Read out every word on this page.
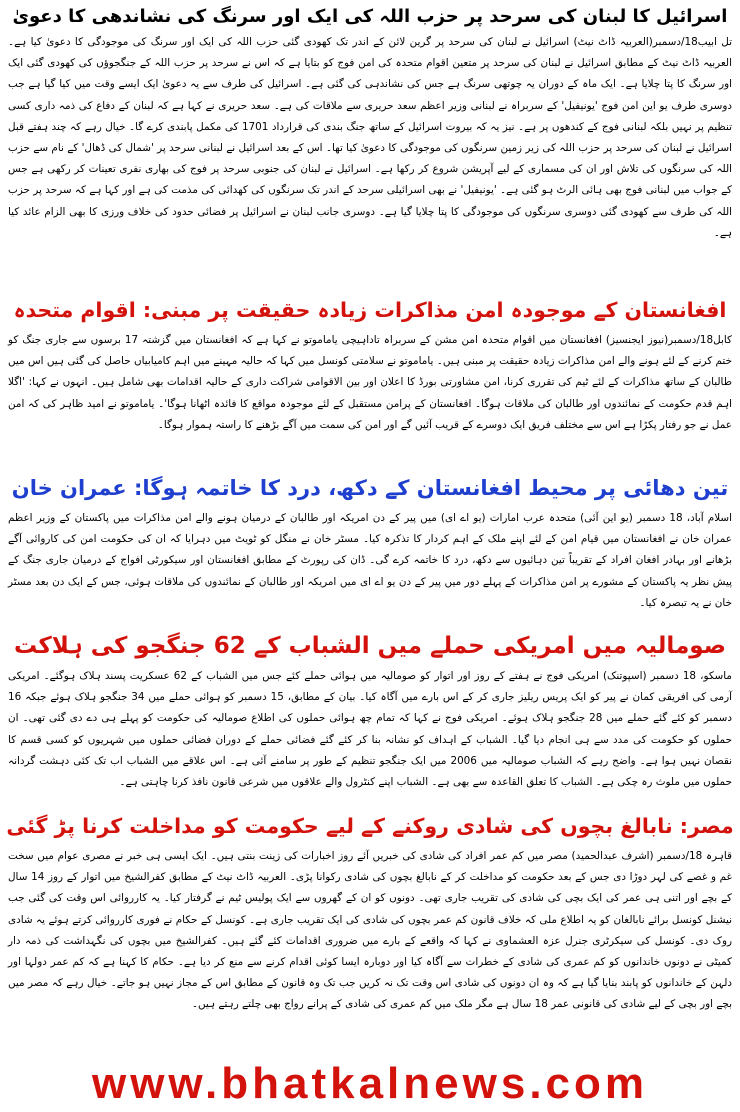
اسرائیل کا لبنان کی سرحد پر حزب اللہ کی ایک اور سرنگ کی نشاندھی کا دعویٰ

تل ابیب18/دسمبر(العربیہ ڈاٹ نیٹ) اسرائیل نے لبنان کی سرحد پر گرین لائن کے اندر تک کھودی گئی حزب اللہ کی ایک اور سرنگ کی موجودگی کا دعویٰ کیا ہے۔ العربیہ ڈاٹ نیٹ کے مطابق اسرائیل نے لبنان کی سرحد پر متعین اقوام متحدہ کی امن فوج کو بتایا ہے کہ اس نے سرحد پر حزب اللہ کے جنگجوؤں کی کھودی گئی ایک اور سرنگ کا پتا چلایا ہے۔ ایک ماہ کے دوران یہ چوتھی سرنگ ہے جس کی نشاندہی کی گئی ہے۔ اسرائیل کی طرف سے یہ دعویٰ ایک ایسے وقت میں کیا گیا ہے جب دوسری طرف یو این امن فوج 'یونیفیل' کے سربراہ نے لبنانی وزیر اعظم سعد حریری سے ملاقات کی ہے۔ سعد حریری نے کہا ہے کہ لبنان کے دفاع کی ذمہ داری کسی تنظیم پر نہیں بلکہ لبنانی فوج کے کندھوں پر ہے۔ نیز یہ کہ بیروت اسرائیل کے ساتھ جنگ بندی کی قرارداد 1701 کی مکمل پابندی کرے گا۔ خیال رہے کہ چند ہفتے قبل اسرائیل نے لبنان کی سرحد پر حزب اللہ کی زیر زمین سرنگوں کی موجودگی کا دعویٰ کیا تھا۔ اس کے بعد اسرائیل نے لبنانی سرحد پر 'شمال کی ڈھال' کے نام سے حزب اللہ کی سرنگوں کی تلاش اور ان کی مسماری کے لیے آپریشن شروع کر رکھا ہے۔ اسرائیل نے لبنان کی جنوبی سرحد پر فوج کی بھاری نفری تعینات کر رکھی ہے جس کے جواب میں لبنانی فوج بھی ہائی الرٹ ہو گئی ہے۔ 'یونیفیل' نے بھی اسرائیلی سرحد کے اندر تک سرنگوں کی کھدائی کی مذمت کی ہے اور کہا ہے کہ سرحد پر حزب اللہ کی طرف سے کھودی گئی دوسری سرنگوں کی موجودگی کا پتا چلایا گیا ہے۔ دوسری جانب لبنان نے اسرائیل پر فضائی حدود کی خلاف ورزی کا بھی الزام عائد کیا ہے۔

افغانستان کے موجودہ امن مذاکرات زیادہ حقیقت پر مبنی: اقوام متحدہ

کابل18/دسمبر(نیوز ایجنسیز) افغانستان میں اقوام متحدہ امن مشن کے سربراہ تاداہیچی یاماموتو نے کہا ہے کہ افغانستان میں گزشتہ 17 برسوں سے جاری جنگ کو ختم کرنے کے لئے ہونے والے امن مذاکرات زیادہ حقیقت پر مبنی ہیں۔ یاماموتو نے سلامتی کونسل میں کہا کہ حالیہ مہینے میں اہم کامیابیاں حاصل کی گئی ہیں اس میں طالبان کے ساتھ مذاکرات کے لئے ٹیم کی تقرری کرنا، امن مشاورتی بورڈ کا اعلان اور بین الاقوامی شراکت داری کے حالیہ اقدامات بھی شامل ہیں۔ انہوں نے کہا: 'اگلا اہم قدم حکومت کے نمائندوں اور طالبان کی ملاقات ہوگا۔ افغانستان کے پرامن مستقبل کے لئے موجودہ مواقع کا فائدہ اٹھانا ہوگا'۔ یاماموتو نے امید ظاہر کی کہ امن عمل نے جو رفتار پکڑا ہے اس سے مختلف فریق ایک دوسرے کے قریب آئیں گے اور امن کی سمت میں آگے بڑھنے کا راستہ ہموار ہوگا۔

تین دھائی پر محیط افغانستان کے دکھ، درد کا خاتمہ ہوگا: عمران خان

اسلام آباد، 18 دسمبر (یو این آئی) متحدہ عرب امارات (یو اے ای) میں پیر کے دن امریکہ اور طالبان کے درمیان ہونے والے امن مذاکرات میں پاکستان کے وزیر اعظم عمران خان نے افغانستان میں قیام امن کے لئے اپنے ملک کے اہم کردار کا تذکرہ کیا۔ مسٹر خان نے منگل کو ٹویٹ میں دہرایا کہ ان کی حکومت امن کی کاروائی آگے بڑھانے اور بہادر افغان افراد کے تقریباً تین دہائیوں سے دکھ، درد کا خاتمہ کرے گی۔ ڈان کی رپورٹ کے مطابق افغانستان اور سیکورٹی افواج کے درمیان جاری جنگ کے پیش نظر یہ پاکستان کے مشورے پر امن مذاکرات کے پہلے دور میں پیر کے دن یو اے ای میں امریکہ اور طالبان کے نمائندوں کی ملاقات ہوئی، جس کے ایک دن بعد مسٹر خان نے یہ تبصرہ کیا۔

صومالیہ میں امریکی حملے میں الشباب کے 62 جنگجو کی ہلاکت

ماسکو، 18 دسمبر (اسپوتنک) امریکی فوج نے ہفتے کے روز اور اتوار کو صومالیہ میں ہوائی حملے کئے جس میں الشباب کے 62 عسکریت پسند ہلاک ہوگئے۔ امریکی آرمی کی افریقی کمان نے پیر کو ایک پریس ریلیز جاری کر کے اس بارے میں آگاہ کیا۔ بیان کے مطابق، 15 دسمبر کو ہوائی حملے میں 34 جنگجو ہلاک ہوئے جبکہ 16 دسمبر کو کئے گئے حملے میں 28 جنگجو ہلاک ہوئے۔ امریکی فوج نے کہا کہ تمام چھ ہوائی حملوں کی اطلاع صومالیہ کی حکومت کو پہلے ہی دے دی گئی تھی۔ ان حملوں کو حکومت کی مدد سے ہی انجام دیا گیا۔ الشباب کے اہداف کو نشانہ بنا کر کئے گئے فضائی حملے کے دوران فضائی حملوں میں شہریوں کو کسی قسم کا نقصان نہیں ہوا ہے۔ واضح رہے کہ الشباب صومالیہ میں 2006 میں ایک جنگجو تنظیم کے طور پر سامنے آئی ہے۔ اس علاقے میں الشباب اب تک کئی دہشت گردانہ حملوں میں ملوث رہ چکی ہے۔ الشباب کا تعلق القاعدہ سے بھی ہے۔ الشباب اپنے کنٹرول والے علاقوں میں شرعی قانون نافذ کرنا چاہتی ہے۔

مصر: نابالغ بچوں کی شادی روکنے کے لیے حکومت کو مداخلت کرنا پڑ گئی

قاہرہ 18/دسمبر (اشرف عبدالحمید) مصر میں کم عمر افراد کی شادی کی خبریں آئے روز اخبارات کی زینت بنتی ہیں۔ ایک ایسی ہی خبر نے مصری عوام میں سخت غم و غصے کی لہر دوڑا دی جس کے بعد حکومت کو مداخلت کر کے نابالغ بچوں کی شادی رکوانا پڑی۔ العربیہ ڈاٹ نیٹ کے مطابق کفرالشیخ میں اتوار کے روز 14 سال کے بچے اور اتنی ہی عمر کی ایک بچی کی شادی کی تقریب جاری تھی۔ دونوں کو ان کے گھروں سے ایک پولیس ٹیم نے گرفتار کیا۔ یہ کارروائی اس وقت کی گئی جب نیشنل کونسل برائے نابالغان کو یہ اطلاع ملی کہ خلاف قانون کم عمر بچوں کی شادی کی ایک تقریب جاری ہے۔ کونسل کے حکام نے فوری کارروائی کرتے ہوئے یہ شادی روک دی۔ کونسل کی سیکرٹری جنرل عزہ العشماوی نے کہا کہ واقعے کے بارے میں ضروری اقدامات کئے گئے ہیں۔ کفرالشیخ میں بچوں کی نگہداشت کی ذمہ دار کمیٹی نے دونوں خاندانوں کو کم عمری کی شادی کے خطرات سے آگاہ کیا اور دوبارہ ایسا کوئی اقدام کرنے سے منع کر دیا ہے۔ حکام کا کہنا ہے کہ کم عمر دولہا اور دلہن کے خاندانوں کو پابند بنایا گیا ہے کہ وہ ان دونوں کی شادی اس وقت تک نہ کریں جب تک وہ قانون کے مطابق اس کے مجاز نہیں ہو جاتے۔ خیال رہے کہ مصر میں بچے اور بچی کے لیے شادی کی قانونی عمر 18 سال ہے مگر ملک میں کم عمری کی شادی کے پرانے رواج بھی چلتے رہتے ہیں۔

www.bhatkalnews.com
